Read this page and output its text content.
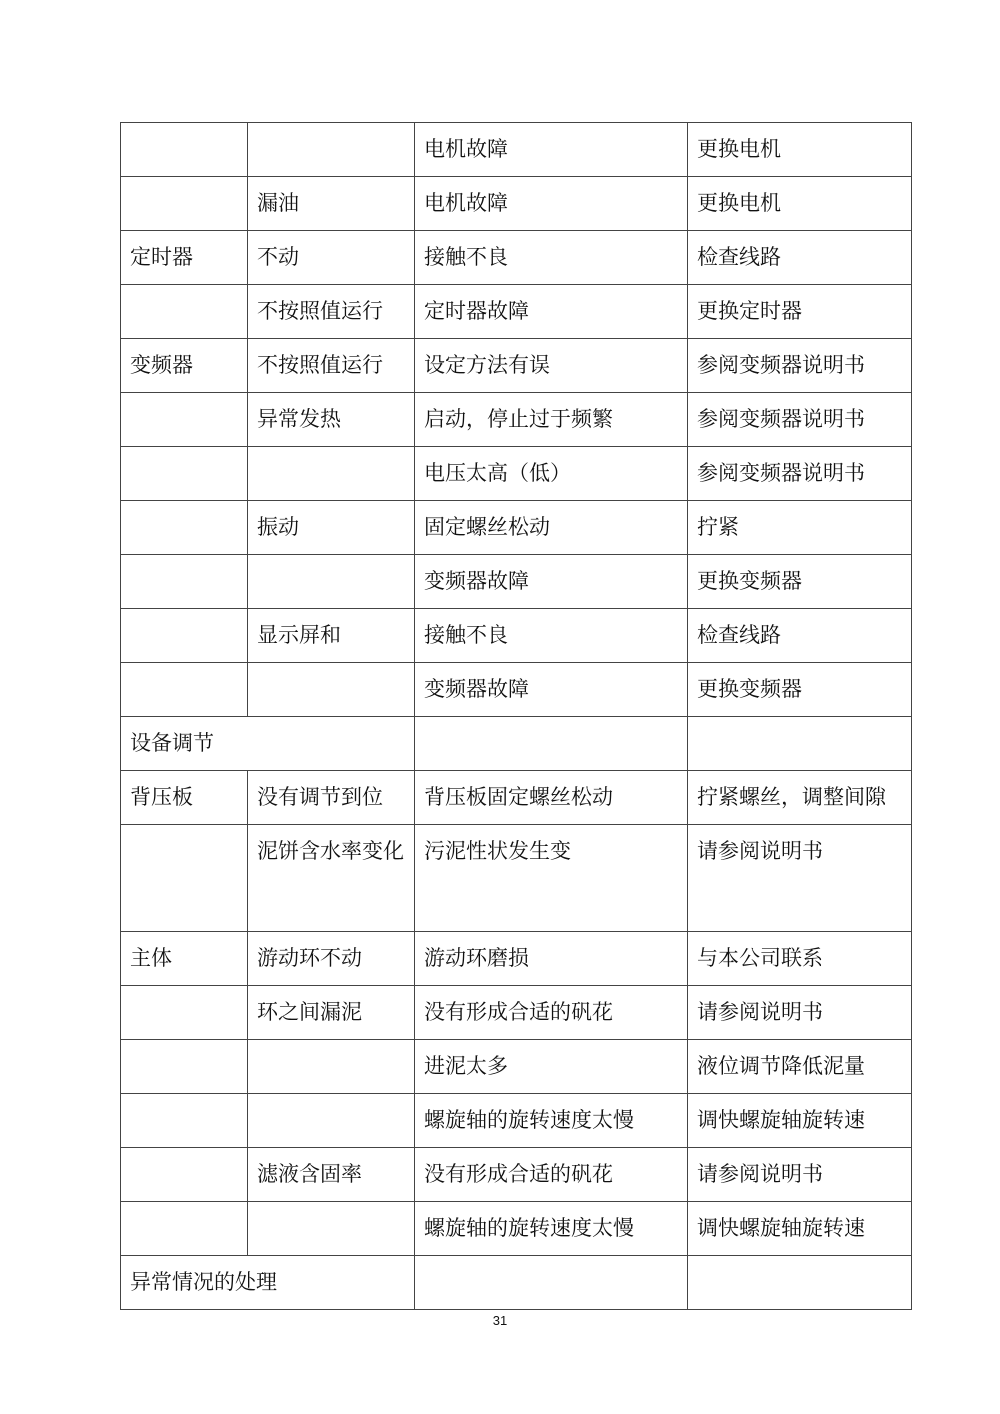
		电机故障	更换电机
	漏油	电机故障	更换电机
定时器	不动	接触不良	检查线路
	不按照值运行	定时器故障	更换定时器
变频器	不按照值运行	设定方法有误	参阅变频器说明书
	异常发热	启动，停止过于频繁	参阅变频器说明书
		电压太高（低）	参阅变频器说明书
	振动	固定螺丝松动	拧紧
		变频器故障	更换变频器
	显示屏和	接触不良	检查线路
		变频器故障	更换变频器
设备调节			
背压板	没有调节到位	背压板固定螺丝松动	拧紧螺丝，调整间隙
	泥饼含水率变化	污泥性状发生变	请参阅说明书
主体	游动环不动	游动环磨损	与本公司联系
	环之间漏泥	没有形成合适的矾花	请参阅说明书
		进泥太多	液位调节降低泥量
		螺旋轴的旋转速度太慢	调快螺旋轴旋转速
	滤液含固率	没有形成合适的矾花	请参阅说明书
		螺旋轴的旋转速度太慢	调快螺旋轴旋转速
异常情况的处理			
31
